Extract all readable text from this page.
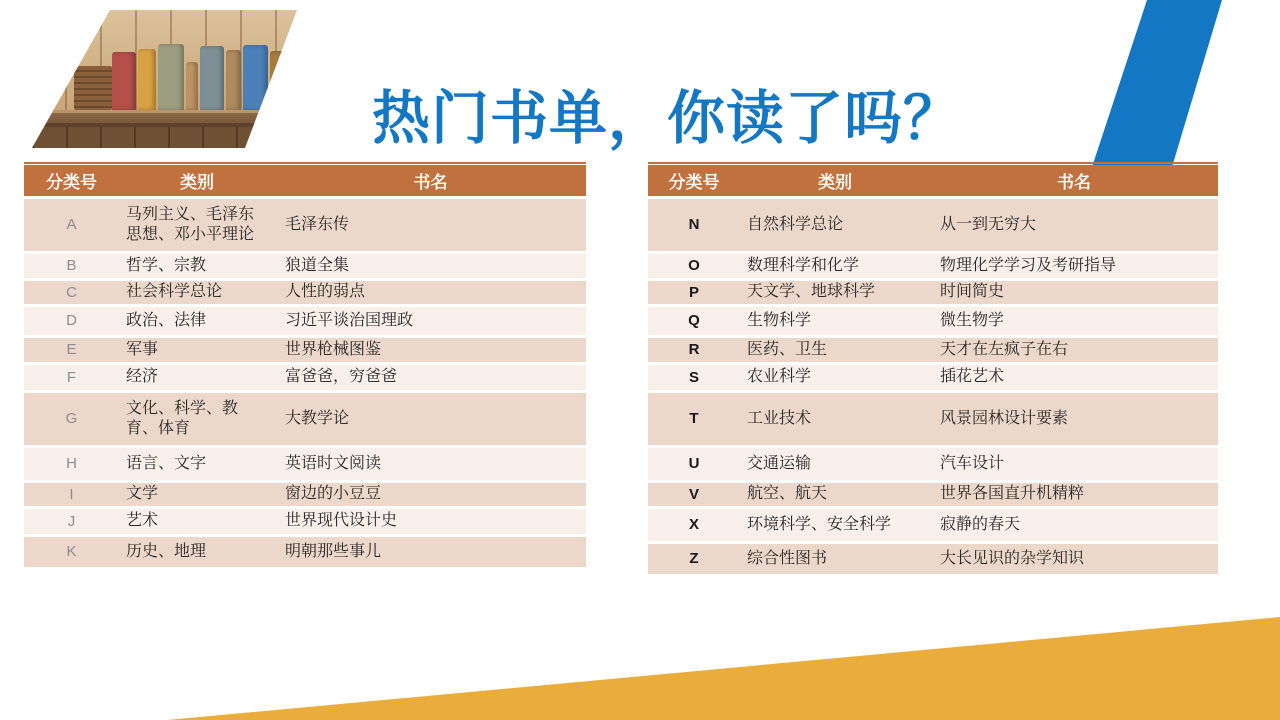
热门书单，你读了吗？
分类号	类别	书名
A	马列主义、毛泽东思想、邓小平理论	毛泽东传
B	哲学、宗教	狼道全集
C	社会科学总论	人性的弱点
D	政治、法律	习近平谈治国理政
E	军事	世界枪械图鉴
F	经济	富爸爸，穷爸爸
G	文化、科学、教育、体育	大教学论
H	语言、文字	英语时文阅读
I	文学	窗边的小豆豆
J	艺术	世界现代设计史
K	历史、地理	明朝那些事儿
分类号	类别	书名
N	自然科学总论	从一到无穷大
O	数理科学和化学	物理化学学习及考研指导
P	天文学、地球科学	时间简史
Q	生物科学	微生物学
R	医药、卫生	天才在左疯子在右
S	农业科学	插花艺术
T	工业技术	风景园林设计要素
U	交通运输	汽车设计
V	航空、航天	世界各国直升机精粹
X	环境科学、安全科学	寂静的春天
Z	综合性图书	大长见识的杂学知识
